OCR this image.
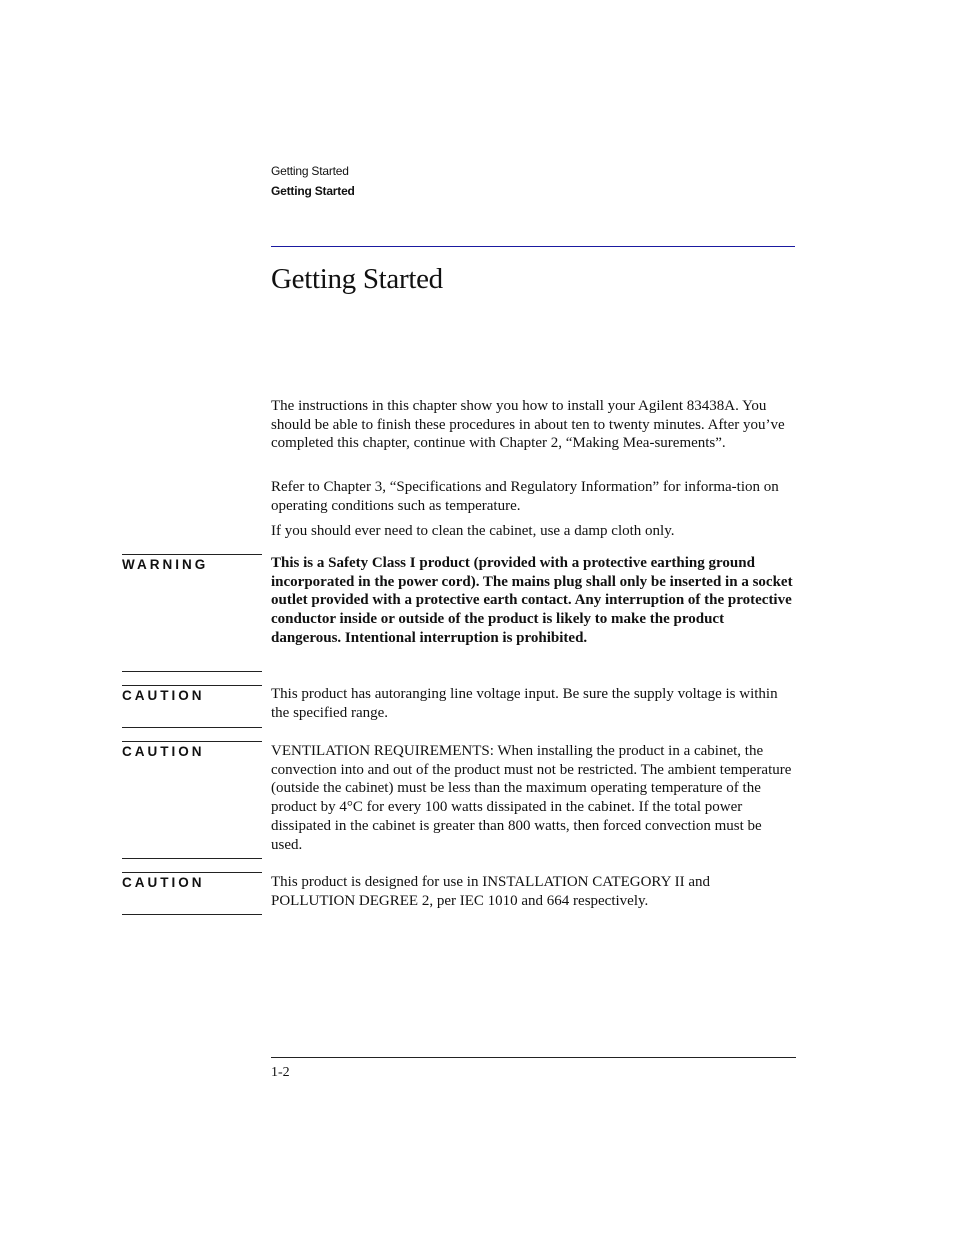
Getting Started
Getting Started
Getting Started

The instructions in this chapter show you how to install your Agilent 83438A. You should be able to finish these procedures in about ten to twenty minutes. After you’ve completed this chapter, continue with Chapter 2, “Making Mea-surements”.

Refer to Chapter 3, “Specifications and Regulatory Information” for informa-tion on operating conditions such as temperature.

If you should ever need to clean the cabinet, use a damp cloth only.

WARNING	This is a Safety Class I product (provided with a protective earthing ground incorporated in the power cord). The mains plug shall only be inserted in a socket outlet provided with a protective earth contact. Any interruption of the protective conductor inside or outside of the product is likely to make the product dangerous. Intentional interruption is prohibited.

CAUTION	This product has autoranging line voltage input. Be sure the supply voltage is within the specified range.

CAUTION	VENTILATION REQUIREMENTS: When installing the product in a cabinet, the convection into and out of the product must not be restricted. The ambient temperature (outside the cabinet) must be less than the maximum operating temperature of the product by 4°C for every 100 watts dissipated in the cabinet. If the total power dissipated in the cabinet is greater than 800 watts, then forced convection must be used.

CAUTION	This product is designed for use in INSTALLATION CATEGORY II and POLLUTION DEGREE 2, per IEC 1010 and 664 respectively.

1-2
